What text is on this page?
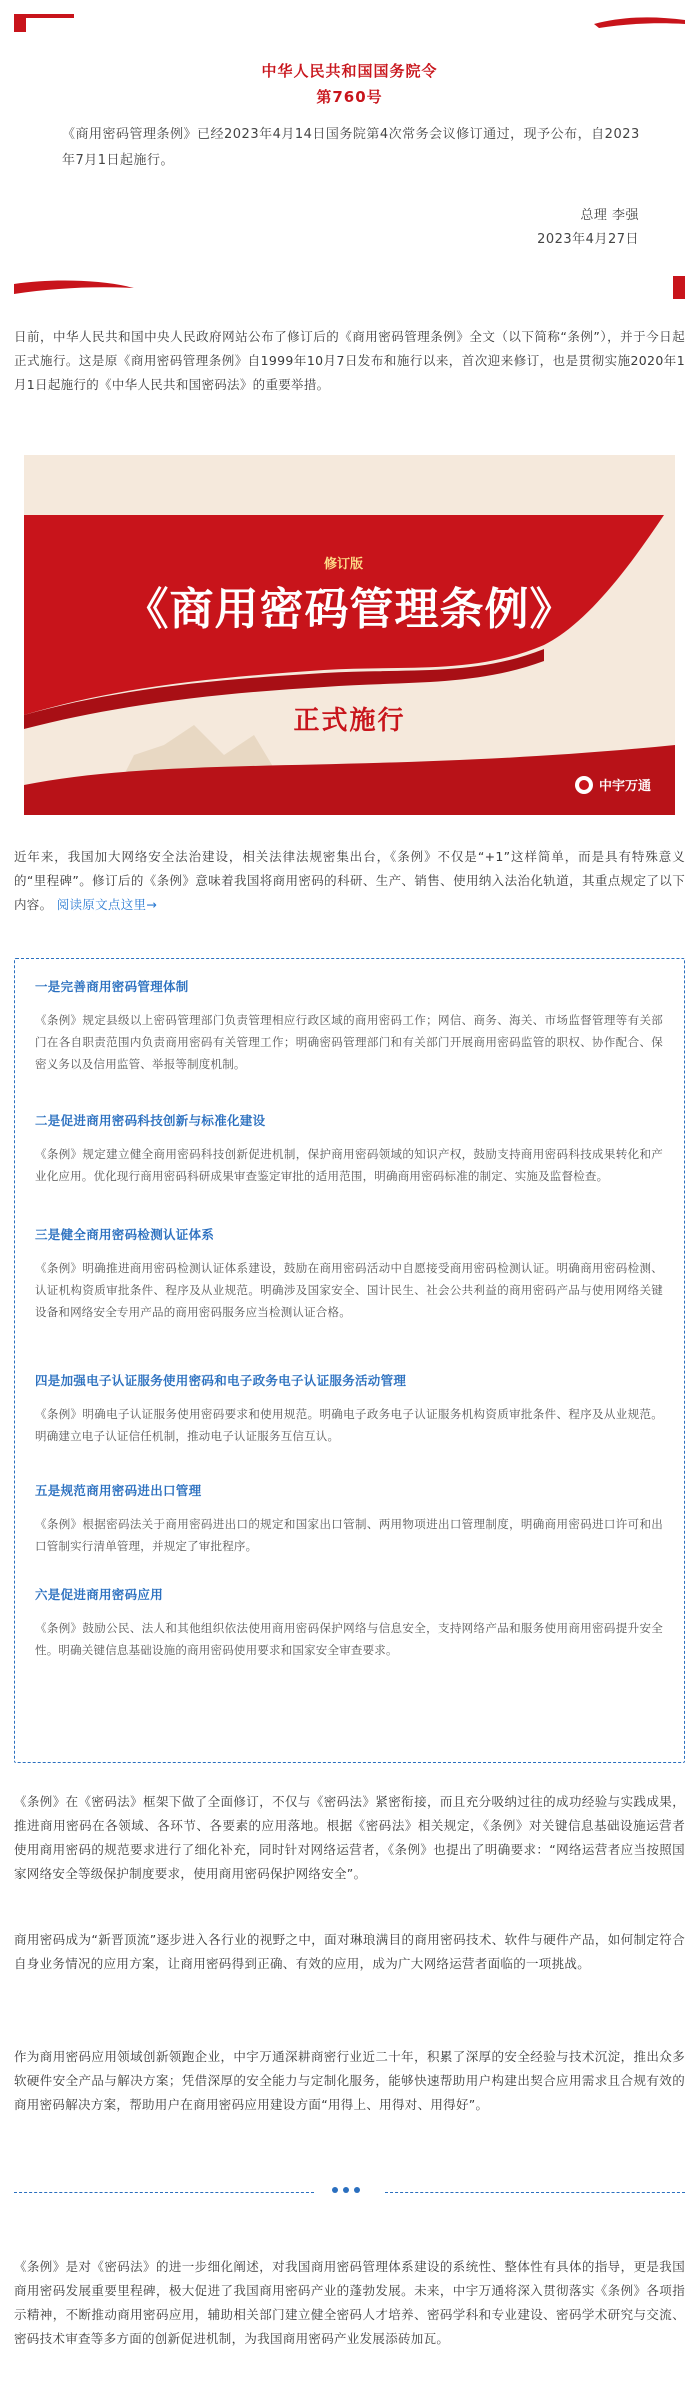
中华人民共和国国务院令
第760号
《商用密码管理条例》已经2023年4月14日国务院第4次常务会议修订通过，现予公布，自2023年7月1日起施行。
总理 李强
2023年4月27日
日前，中华人民共和国中央人民政府网站公布了修订后的《商用密码管理条例》全文（以下简称“条例”），并于今日起正式施行。这是原《商用密码管理条例》自1999年10月7日发布和施行以来，首次迎来修订，也是贯彻实施2020年1月1日起施行的《中华人民共和国密码法》的重要举措。
修订版
《商用密码管理条例》
正式施行
中宇万通
近年来，我国加大网络安全法治建设，相关法律法规密集出台，《条例》不仅是“+1”这样简单，而是具有特殊意义的“里程碑”。修订后的《条例》意味着我国将商用密码的科研、生产、销售、使用纳入法治化轨道，其重点规定了以下内容。 阅读原文点这里→
一是完善商用密码管理体制
《条例》规定县级以上密码管理部门负责管理相应行政区域的商用密码工作；网信、商务、海关、市场监督管理等有关部门在各自职责范围内负责商用密码有关管理工作；明确密码管理部门和有关部门开展商用密码监管的职权、协作配合、保密义务以及信用监管、举报等制度机制。
二是促进商用密码科技创新与标准化建设
《条例》规定建立健全商用密码科技创新促进机制，保护商用密码领域的知识产权，鼓励支持商用密码科技成果转化和产业化应用。优化现行商用密码科研成果审查鉴定审批的适用范围，明确商用密码标准的制定、实施及监督检查。
三是健全商用密码检测认证体系
《条例》明确推进商用密码检测认证体系建设，鼓励在商用密码活动中自愿接受商用密码检测认证。明确商用密码检测、认证机构资质审批条件、程序及从业规范。明确涉及国家安全、国计民生、社会公共利益的商用密码产品与使用网络关键设备和网络安全专用产品的商用密码服务应当检测认证合格。
四是加强电子认证服务使用密码和电子政务电子认证服务活动管理
《条例》明确电子认证服务使用密码要求和使用规范。明确电子政务电子认证服务机构资质审批条件、程序及从业规范。明确建立电子认证信任机制，推动电子认证服务互信互认。
五是规范商用密码进出口管理
《条例》根据密码法关于商用密码进出口的规定和国家出口管制、两用物项进出口管理制度，明确商用密码进口许可和出口管制实行清单管理，并规定了审批程序。
六是促进商用密码应用
《条例》鼓励公民、法人和其他组织依法使用商用密码保护网络与信息安全，支持网络产品和服务使用商用密码提升安全性。明确关键信息基础设施的商用密码使用要求和国家安全审查要求。
《条例》在《密码法》框架下做了全面修订，不仅与《密码法》紧密衔接，而且充分吸纳过往的成功经验与实践成果，推进商用密码在各领域、各环节、各要素的应用落地。根据《密码法》相关规定，《条例》对关键信息基础设施运营者使用商用密码的规范要求进行了细化补充，同时针对网络运营者，《条例》也提出了明确要求：“网络运营者应当按照国家网络安全等级保护制度要求，使用商用密码保护网络安全”。
商用密码成为“新晋顶流”逐步进入各行业的视野之中，面对琳琅满目的商用密码技术、软件与硬件产品，如何制定符合自身业务情况的应用方案，让商用密码得到正确、有效的应用，成为广大网络运营者面临的一项挑战。
作为商用密码应用领域创新领跑企业，中宇万通深耕商密行业近二十年，积累了深厚的安全经验与技术沉淀，推出众多软硬件安全产品与解决方案；凭借深厚的安全能力与定制化服务，能够快速帮助用户构建出契合应用需求且合规有效的商用密码解决方案，帮助用户在商用密码应用建设方面“用得上、用得对、用得好”。
《条例》是对《密码法》的进一步细化阐述，对我国商用密码管理体系建设的系统性、整体性有具体的指导，更是我国商用密码发展重要里程碑，极大促进了我国商用密码产业的蓬勃发展。未来，中宇万通将深入贯彻落实《条例》各项指示精神，不断推动商用密码应用，辅助相关部门建立健全密码人才培养、密码学科和专业建设、密码学术研究与交流、密码技术审查等多方面的创新促进机制，为我国商用密码产业发展添砖加瓦。
